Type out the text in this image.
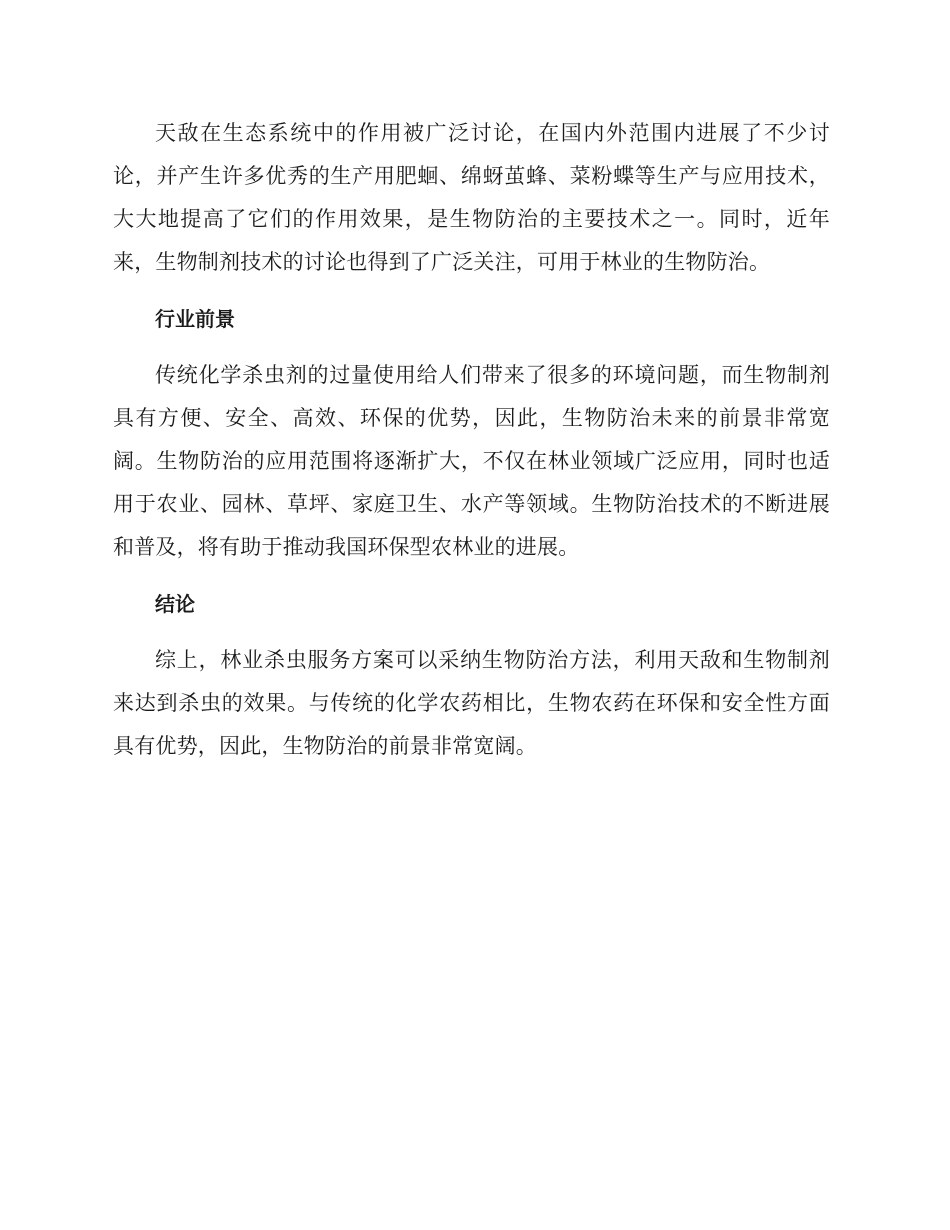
天敌在生态系统中的作用被广泛讨论，在国内外范围内进展了不少讨论，并产生许多优秀的生产用肥蛔、绵蚜茧蜂、菜粉蝶等生产与应用技术，大大地提高了它们的作用效果，是生物防治的主要技术之一。同时，近年来，生物制剂技术的讨论也得到了广泛关注，可用于林业的生物防治。

行业前景

传统化学杀虫剂的过量使用给人们带来了很多的环境问题，而生物制剂具有方便、安全、高效、环保的优势，因此，生物防治未来的前景非常宽阔。生物防治的应用范围将逐渐扩大，不仅在林业领域广泛应用，同时也适用于农业、园林、草坪、家庭卫生、水产等领域。生物防治技术的不断进展和普及，将有助于推动我国环保型农林业的进展。

结论

综上，林业杀虫服务方案可以采纳生物防治方法，利用天敌和生物制剂来达到杀虫的效果。与传统的化学农药相比，生物农药在环保和安全性方面具有优势，因此，生物防治的前景非常宽阔。
